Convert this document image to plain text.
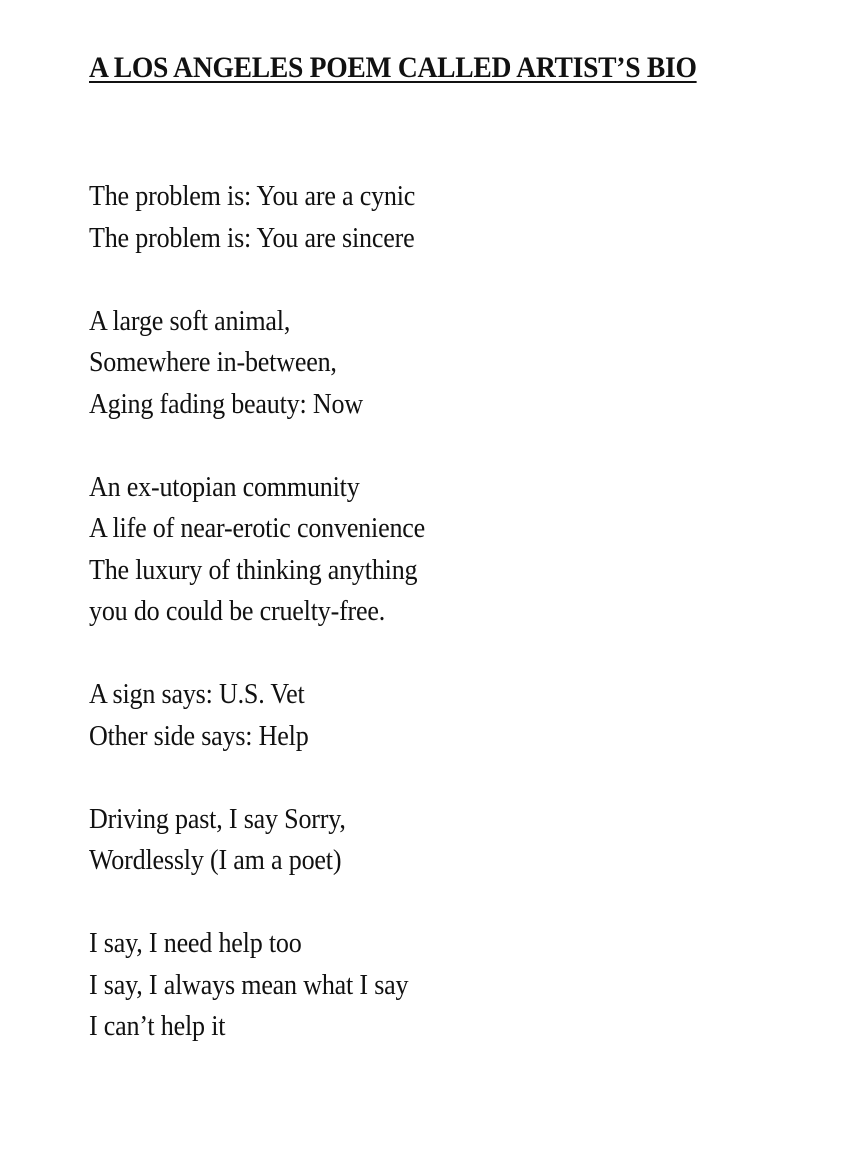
A LOS ANGELES POEM CALLED ARTIST’S BIO
The problem is: You are a cynic
The problem is: You are sincere
A large soft animal,
Somewhere in-between,
Aging fading beauty: Now
An ex-utopian community
A life of near-erotic convenience
The luxury of thinking anything
you do could be cruelty-free.
A sign says: U.S. Vet
Other side says: Help
Driving past, I say Sorry,
Wordlessly (I am a poet)
I say, I need help too
I say, I always mean what I say
I can’t help it
